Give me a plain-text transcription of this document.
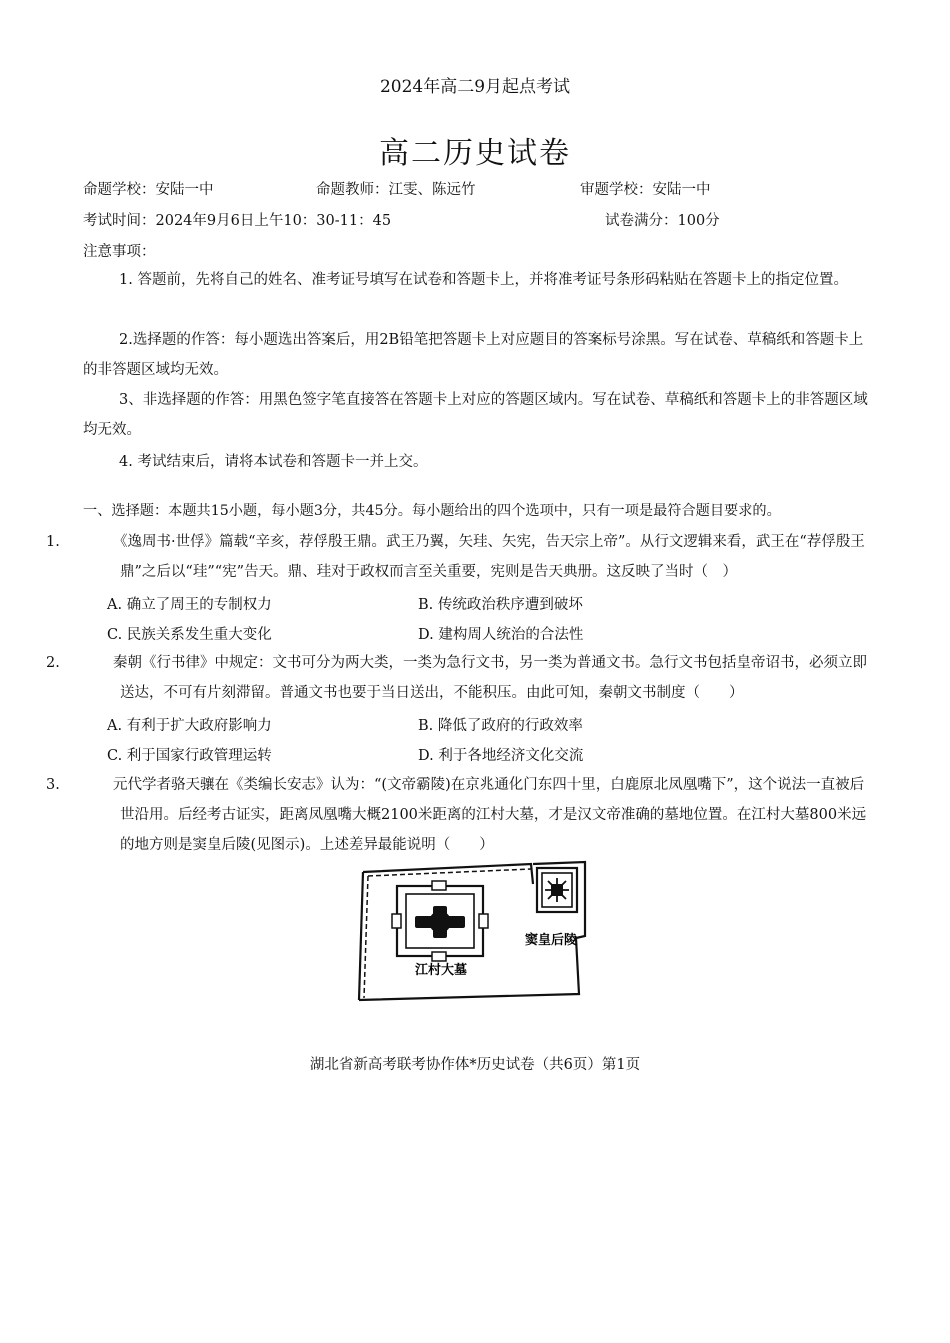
2024年高二9月起点考试
高二历史试卷
命题学校：安陆一中	命题教师：江雯、陈远竹	审题学校：安陆一中
考试时间：2024年9月6日上午10：30-11：45	试卷满分：100分
注意事项：
1. 答题前，先将自己的姓名、准考证号填写在试卷和答题卡上，并将准考证号条形码粘贴在答题卡上的指定位置。
2.选择题的作答：每小题选出答案后，用2B铅笔把答题卡上对应题目的答案标号涂黑。写在试卷、草稿纸和答题卡上的非答题区域均无效。
3、非选择题的作答：用黑色签字笔直接答在答题卡上对应的答题区域内。写在试卷、草稿纸和答题卡上的非答题区域均无效。
4. 考试结束后，请将本试卷和答题卡一并上交。
一、选择题：本题共15小题，每小题3分，共45分。每小题给出的四个选项中，只有一项是最符合题目要求的。
1.	《逸周书·世俘》篇载“辛亥，荐俘殷王鼎。武王乃翼，矢珪、矢宪，告天宗上帝”。从行文逻辑来看，武王在“荐俘殷王鼎”之后以“珪”“宪”告天。鼎、珪对于政权而言至关重要，宪则是告天典册。这反映了当时（　）
A. 确立了周王的专制权力	B. 传统政治秩序遭到破坏
C. 民族关系发生重大变化	D. 建构周人统治的合法性
2.	秦朝《行书律》中规定：文书可分为两大类，一类为急行文书，另一类为普通文书。急行文书包括皇帝诏书，必须立即送达，不可有片刻滞留。普通文书也要于当日送出，不能积压。由此可知，秦朝文书制度（　　）
A. 有利于扩大政府影响力	B. 降低了政府的行政效率
C. 利于国家行政管理运转	D. 利于各地经济文化交流
3.	元代学者骆天骧在《类编长安志》认为：“(文帝霸陵)在京兆通化门东四十里，白鹿原北凤凰嘴下”，这个说法一直被后世沿用。后经考古证实，距离凤凰嘴大概2100米距离的江村大墓，才是汉文帝准确的墓地位置。在江村大墓800米远的地方则是窦皇后陵(见图示)。上述差异最能说明（　　）
江村大墓
窦皇后陵
湖北省新高考联考协作体*历史试卷（共6页）第1页
